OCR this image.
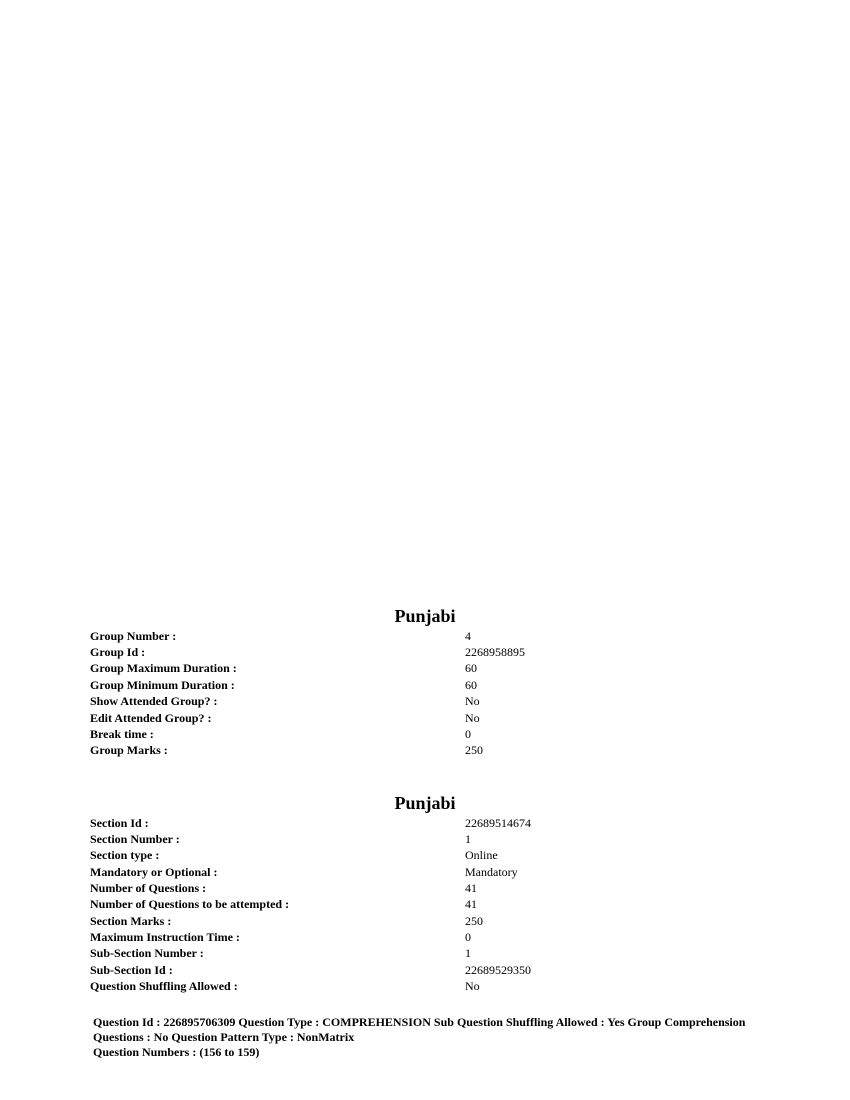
Punjabi
Group Number :	4
Group Id :	2268958895
Group Maximum Duration :	60
Group Minimum Duration :	60
Show Attended Group? :	No
Edit Attended Group? :	No
Break time :	0
Group Marks :	250
Punjabi
Section Id :	22689514674
Section Number :	1
Section type :	Online
Mandatory or Optional :	Mandatory
Number of Questions :	41
Number of Questions to be attempted :	41
Section Marks :	250
Maximum Instruction Time :	0
Sub-Section Number :	1
Sub-Section Id :	22689529350
Question Shuffling Allowed :	No

Question Id : 226895706309 Question Type : COMPREHENSION Sub Question Shuffling Allowed : Yes Group Comprehension Questions : No Question Pattern Type : NonMatrix

Question Numbers : (156 to 159)
